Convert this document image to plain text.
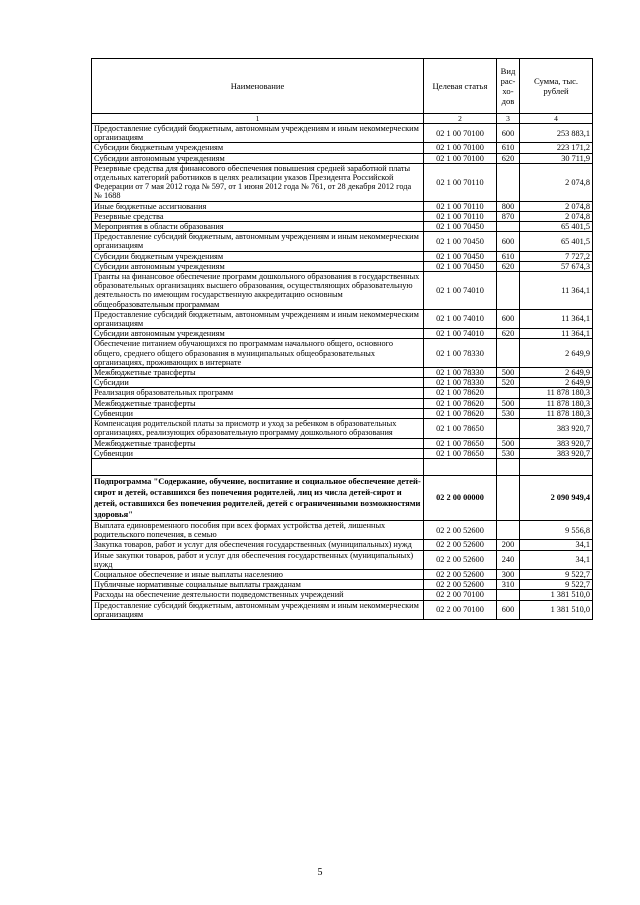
Наименование	Целевая статья	Вид рас- хо- дов	Сумма, тыс. рублей
1	2	3	4
Предоставление субсидий бюджетным, автономным учреждениям и иным некоммерческим организациям	02 1 00 70100	600	253 883,1
Субсидии бюджетным учреждениям	02 1 00 70100	610	223 171,2
Субсидии автономным учреждениям	02 1 00 70100	620	30 711,9
Резервные средства для финансового обеспечения повышения средней заработной платы отдельных категорий работников в целях реализации указов Президента Российской Федерации от 7 мая 2012 года № 597, от 1 июня 2012 года № 761, от 28 декабря 2012 года № 1688	02 1 00 70110		2 074,8
Иные бюджетные ассигнования	02 1 00 70110	800	2 074,8
Резервные средства	02 1 00 70110	870	2 074,8
Мероприятия в области образования	02 1 00 70450		65 401,5
Предоставление субсидий бюджетным, автономным учреждениям и иным некоммерческим организациям	02 1 00 70450	600	65 401,5
Субсидии бюджетным учреждениям	02 1 00 70450	610	7 727,2
Субсидии автономным учреждениям	02 1 00 70450	620	57 674,3
Гранты на финансовое обеспечение программ дошкольного образования в государственных образовательных организациях высшего образования, осуществляющих образовательную деятельность по имеющим государственную аккредитацию основным общеобразовательным программам	02 1 00 74010		11 364,1
Предоставление субсидий бюджетным, автономным учреждениям и иным некоммерческим организациям	02 1 00 74010	600	11 364,1
Субсидии автономным учреждениям	02 1 00 74010	620	11 364,1
Обеспечение питанием обучающихся по программам начального общего, основного общего, среднего общего образования в муниципальных общеобразовательных организациях, проживающих в интернате	02 1 00 78330		2 649,9
Межбюджетные трансферты	02 1 00 78330	500	2 649,9
Субсидии	02 1 00 78330	520	2 649,9
Реализация образовательных программ	02 1 00 78620		11 878 180,3
Межбюджетные трансферты	02 1 00 78620	500	11 878 180,3
Субвенции	02 1 00 78620	530	11 878 180,3
Компенсация родительской платы за присмотр и уход за ребенком в образовательных организациях, реализующих образовательную программу дошкольного образования	02 1 00 78650		383 920,7
Межбюджетные трансферты	02 1 00 78650	500	383 920,7
Субвенции	02 1 00 78650	530	383 920,7

Подпрограмма "Содержание, обучение, воспитание и социальное обеспечение детей-сирот и детей, оставшихся без попечения родителей, лиц из числа детей-сирот и детей, оставшихся без попечения родителей, детей с ограниченными возможностями здоровья"	02 2 00 00000		2 090 949,4
Выплата единовременного пособия при всех формах устройства детей, лишенных родительского попечения, в семью	02 2 00 52600		9 556,8
Закупка товаров, работ и услуг для обеспечения государственных (муниципальных) нужд	02 2 00 52600	200	34,1
Иные закупки товаров, работ и услуг для обеспечения государственных (муниципальных) нужд	02 2 00 52600	240	34,1
Социальное обеспечение и иные выплаты населению	02 2 00 52600	300	9 522,7
Публичные нормативные социальные выплаты гражданам	02 2 00 52600	310	9 522,7
Расходы на обеспечение деятельности подведомственных учреждений	02 2 00 70100		1 381 510,0
Предоставление субсидий бюджетным, автономным учреждениям и иным некоммерческим организациям	02 2 00 70100	600	1 381 510,0
5
